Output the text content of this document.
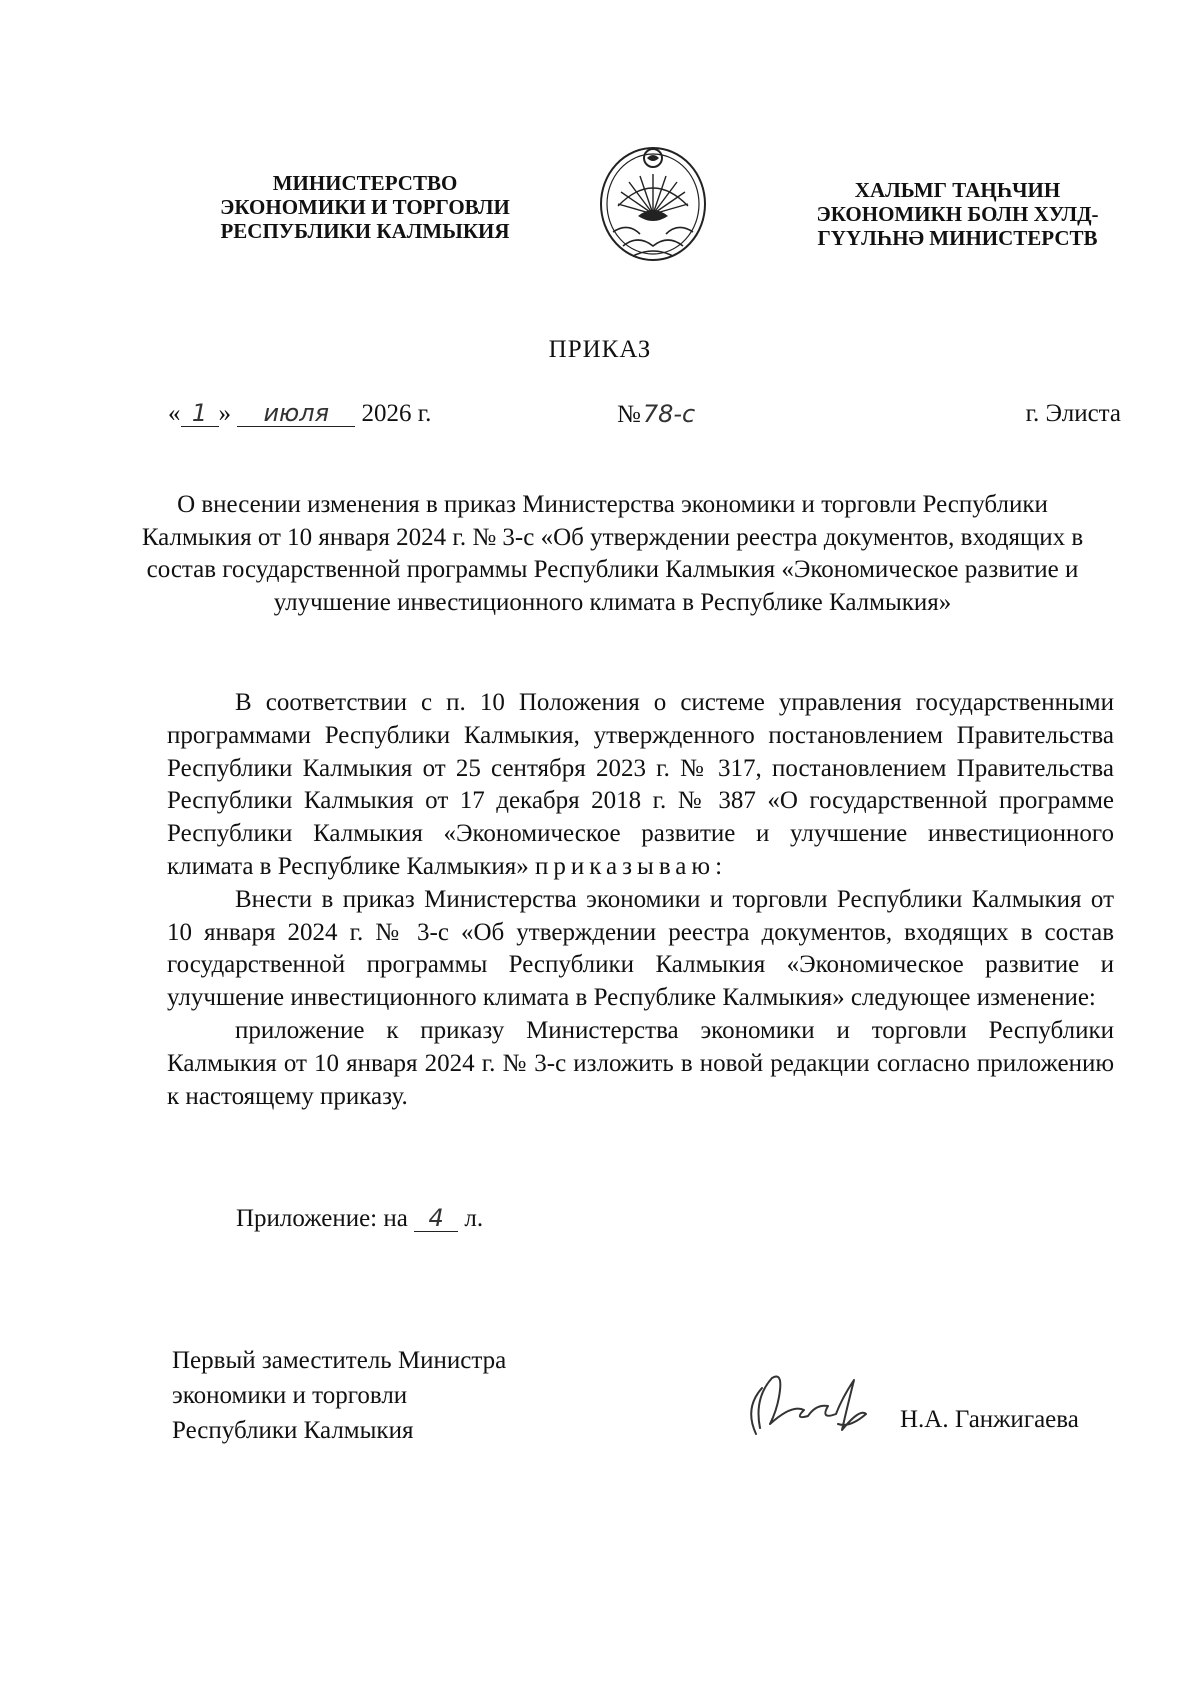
МИНИСТЕРСТВО
ЭКОНОМИКИ И ТОРГОВЛИ
РЕСПУБЛИКИ КАЛМЫКИЯ
ХАЛЬМГ ТАҢҺЧИН
ЭКОНОМИКН БОЛН ХУЛД-
ГҮҮЛҺНӘ МИНИСТЕРСТВ
ПРИКАЗ
« 1 » июля 2026 г.	№78-с	г. Элиста
О внесении изменения в приказ Министерства экономики и торговли Республики Калмыкия от 10 января 2024 г. № 3-с «Об утверждении реестра документов, входящих в состав государственной программы Республики Калмыкия «Экономическое развитие и улучшение инвестиционного климата в Республике Калмыкия»

В соответствии с п. 10 Положения о системе управления государственными программами Республики Калмыкия, утвержденного постановлением Правительства Республики Калмыкия от 25 сентября 2023 г. № 317, постановлением Правительства Республики Калмыкия от 17 декабря 2018 г. № 387 «О государственной программе Республики Калмыкия «Экономическое развитие и улучшение инвестиционного климата в Республике Калмыкия» приказываю:

Внести в приказ Министерства экономики и торговли Республики Калмыкия от 10 января 2024 г. № 3-с «Об утверждении реестра документов, входящих в состав государственной программы Республики Калмыкия «Экономическое развитие и улучшение инвестиционного климата в Республике Калмыкия» следующее изменение:

приложение к приказу Министерства экономики и торговли Республики Калмыкия от 10 января 2024 г. № 3-с изложить в новой редакции согласно приложению к настоящему приказу.

Приложение: на 4 л.
Первый заместитель Министра
экономики и торговли
Республики Калмыкия	Н.А. Ганжигаева
